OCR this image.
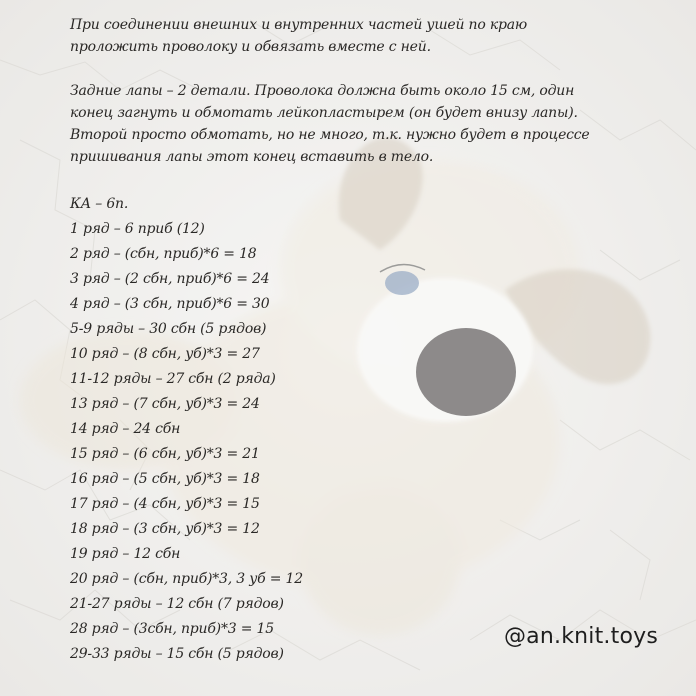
При соединении внешних и внутренних частей ушей по краю
проложить проволоку и обвязать вместе с ней.
Задние лапы – 2 детали. Проволока должна быть около 15 см, один
конец загнуть и обмотать лейкопластырем (он будет внизу лапы).
Второй просто обмотать, но не много, т.к. нужно будет в процессе
пришивания лапы этот конец вставить в тело.
КА – 6п.
1 ряд – 6 приб (12)
2 ряд – (сбн, приб)*6 = 18
3 ряд – (2 сбн, приб)*6 = 24
4 ряд – (3 сбн, приб)*6 = 30
5-9 ряды – 30 сбн (5 рядов)
10 ряд – (8 сбн, уб)*3 = 27
11-12 ряды – 27 сбн (2 ряда)
13 ряд – (7 сбн, уб)*3 = 24
14 ряд – 24 сбн
15 ряд – (6 сбн, уб)*3 = 21
16 ряд – (5 сбн, уб)*3 = 18
17 ряд – (4 сбн, уб)*3 = 15
18 ряд – (3 сбн, уб)*3 = 12
19 ряд – 12 сбн
20 ряд – (сбн, приб)*3, 3 уб = 12
21-27 ряды – 12 сбн (7 рядов)
28 ряд – (3сбн, приб)*3 = 15
29-33 ряды – 15 сбн (5 рядов)
@an.knit.toys
